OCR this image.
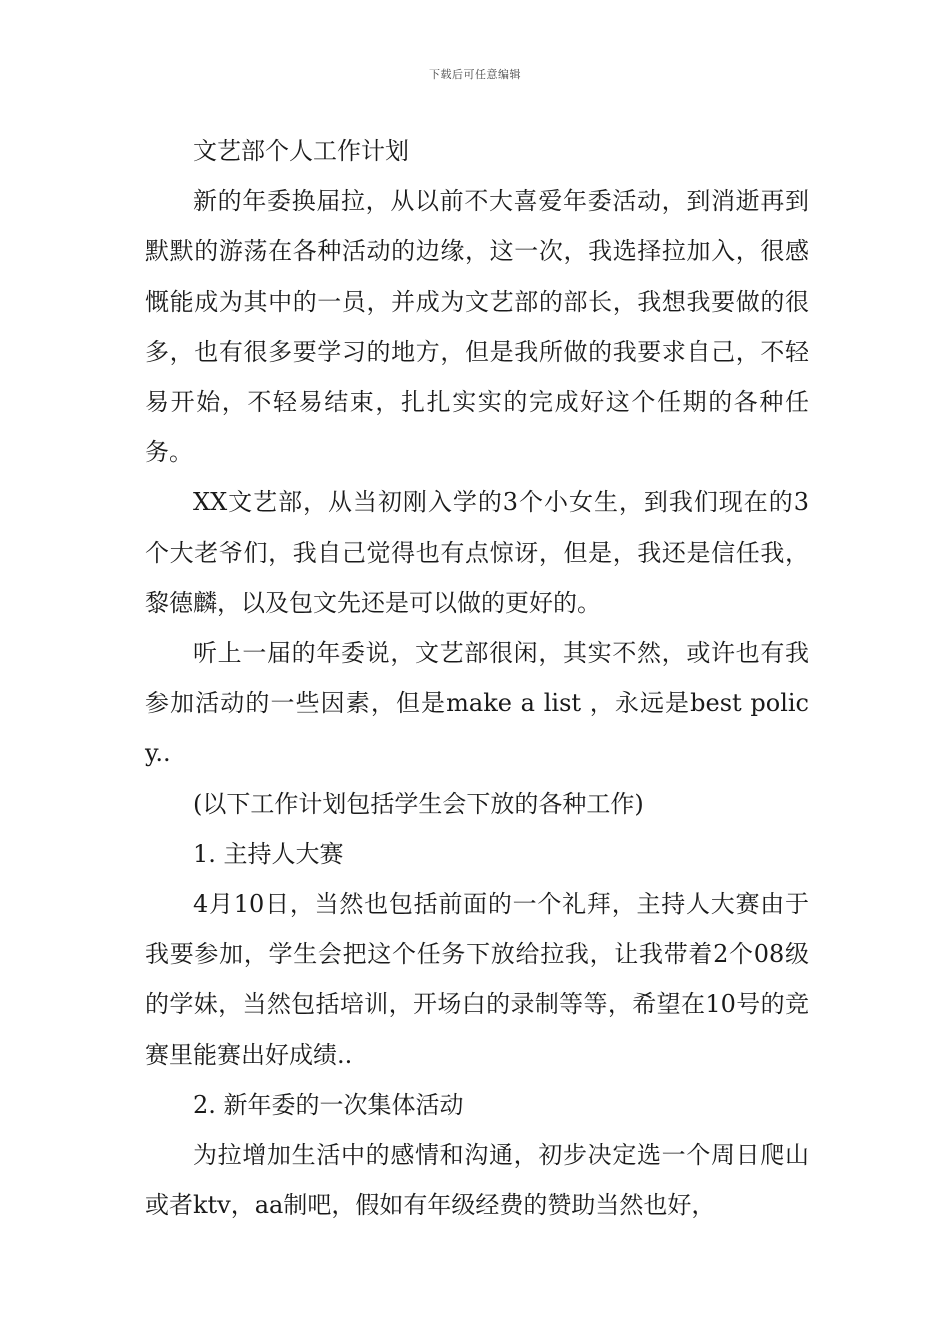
下载后可任意编辑

文艺部个人工作计划

新的年委换届拉，从以前不大喜爱年委活动，到消逝再到默默的游荡在各种活动的边缘，这一次，我选择拉加入，很感慨能成为其中的一员，并成为文艺部的部长，我想我要做的很多，也有很多要学习的地方，但是我所做的我要求自己，不轻易开始，不轻易结束，扎扎实实的完成好这个任期的各种任务。

XX文艺部，从当初刚入学的3个小女生，到我们现在的3个大老爷们，我自己觉得也有点惊讶，但是，我还是信任我，黎德麟，以及包文先还是可以做的更好的。

听上一届的年委说，文艺部很闲，其实不然，或许也有我参加活动的一些因素，但是make a list ，永远是best policy..

(以下工作计划包括学生会下放的各种工作)

1. 主持人大赛

4月10日，当然也包括前面的一个礼拜，主持人大赛由于我要参加，学生会把这个任务下放给拉我，让我带着2个08级的学妹，当然包括培训，开场白的录制等等，希望在10号的竞赛里能赛出好成绩..

2. 新年委的一次集体活动

为拉增加生活中的感情和沟通，初步决定选一个周日爬山或者ktv，aa制吧，假如有年级经费的赞助当然也好，
